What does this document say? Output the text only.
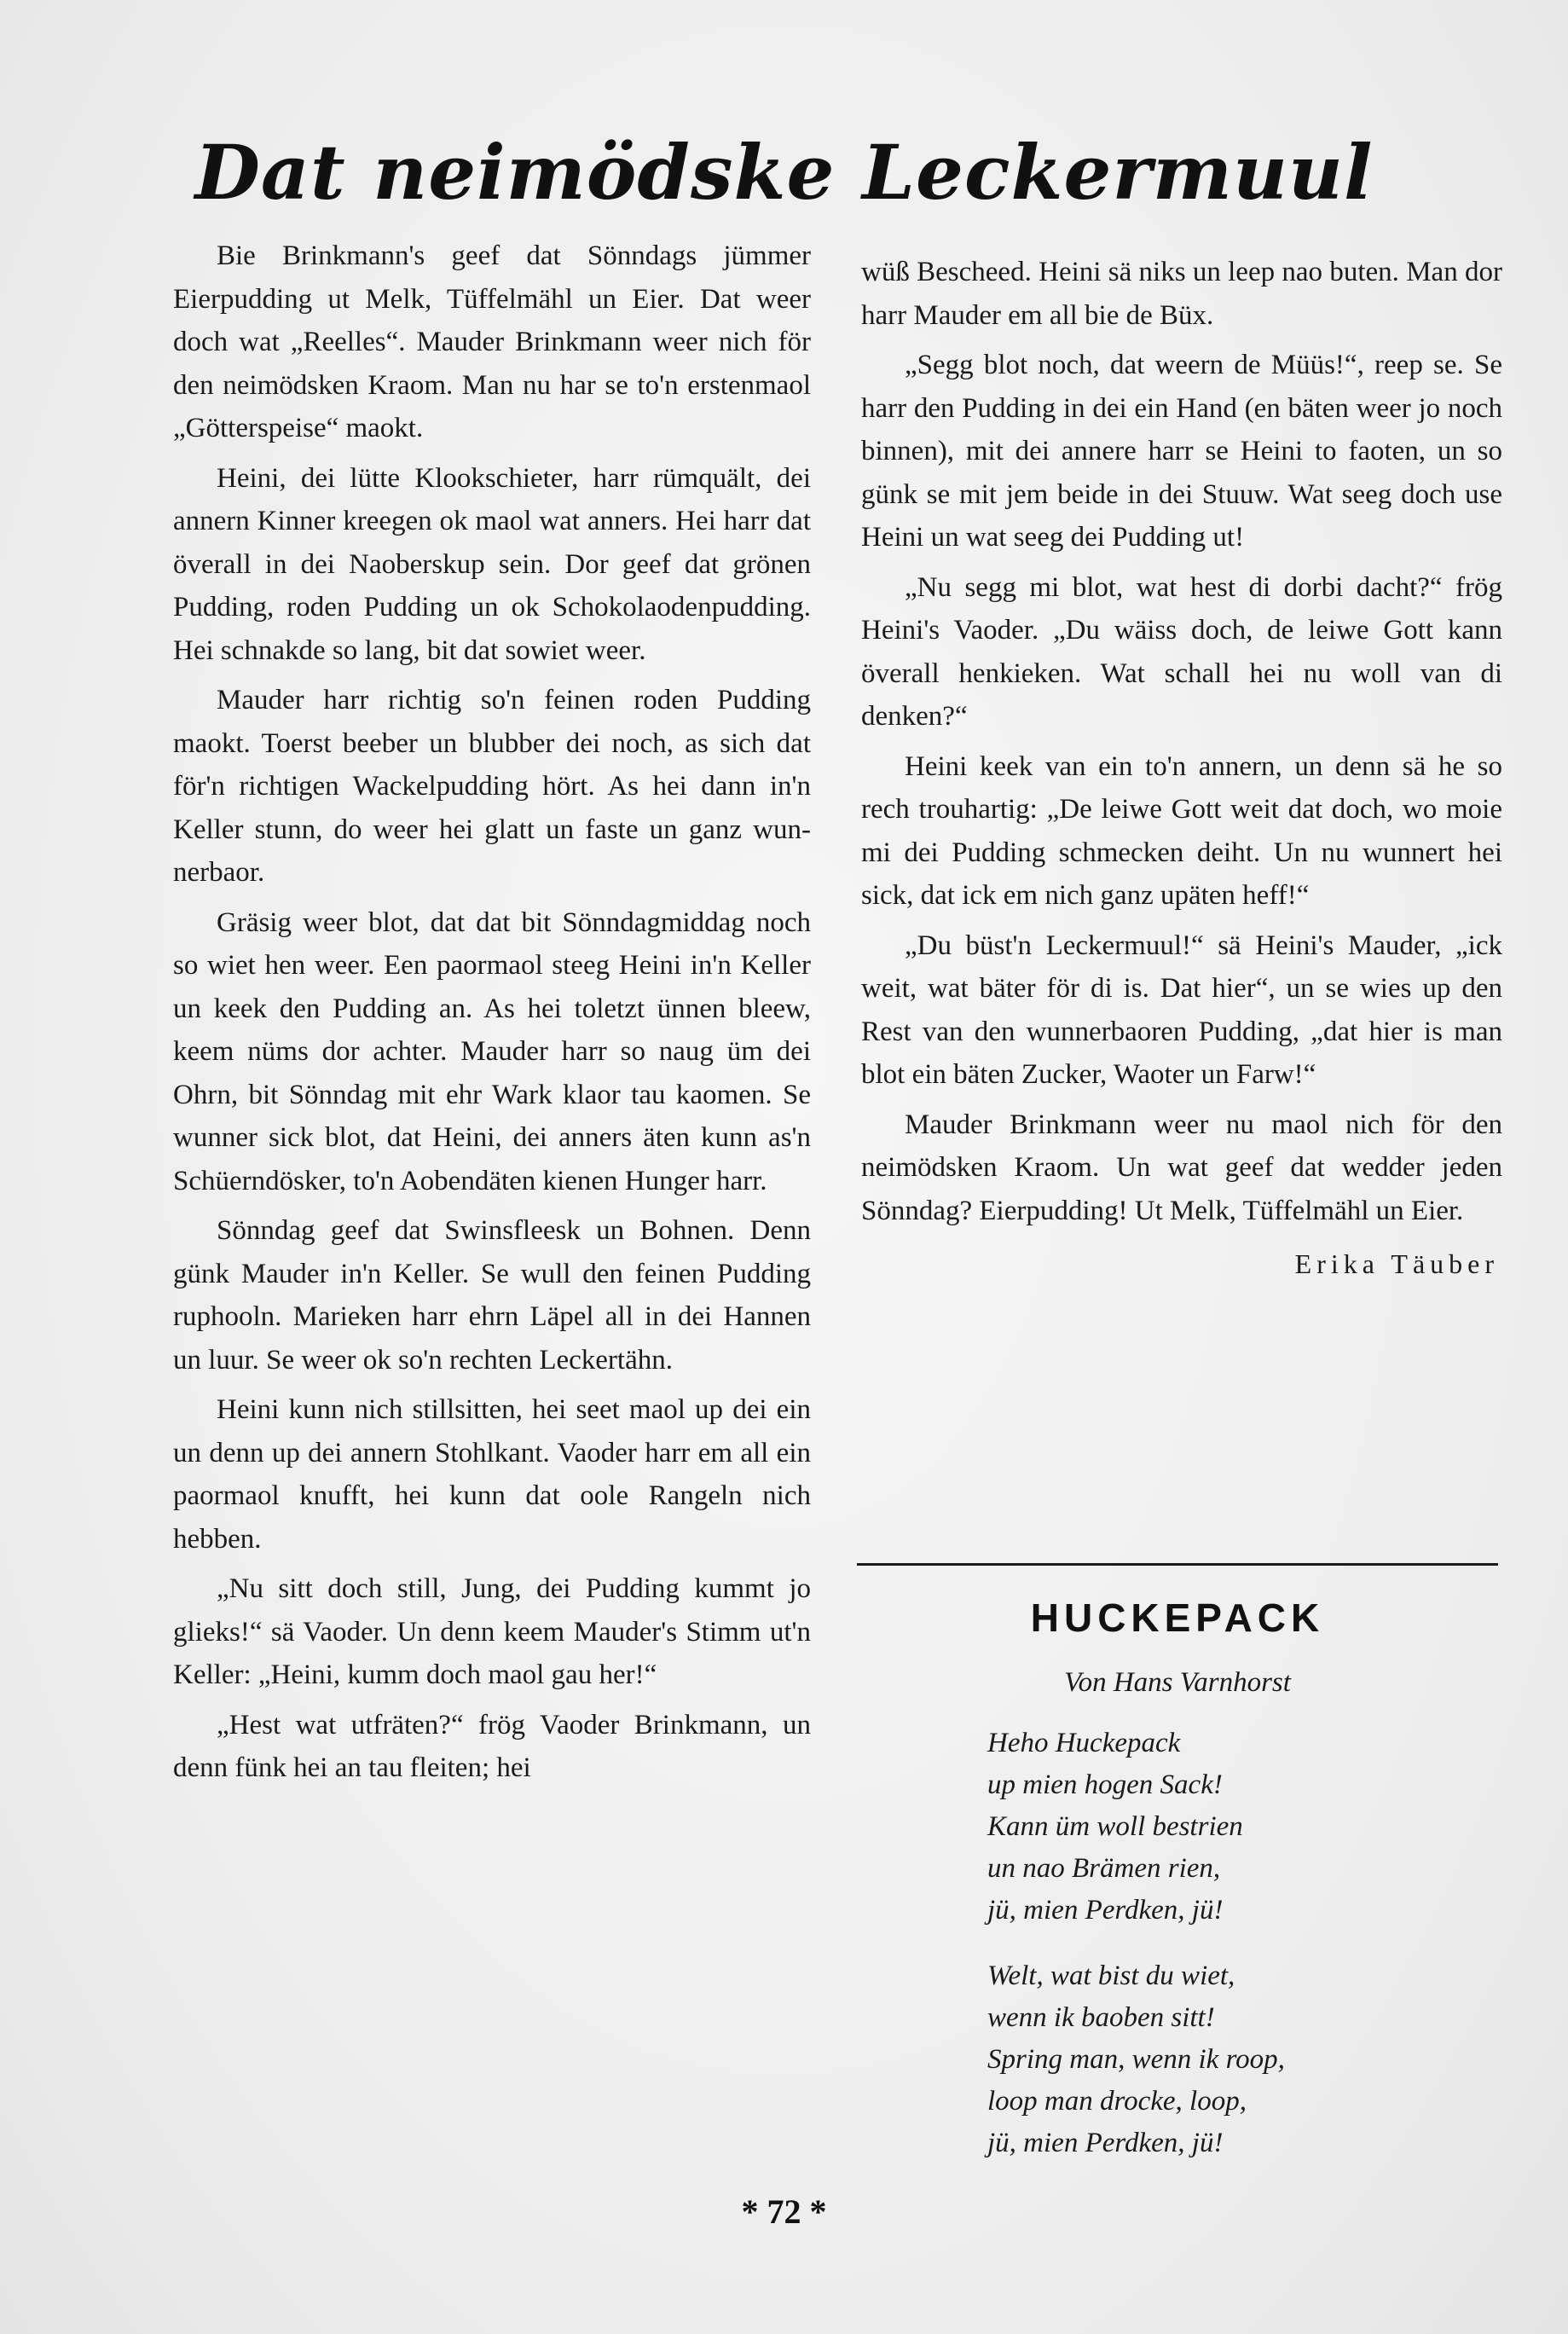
Dat neimödske Leckermuul

Bie Brinkmann's geef dat Sönndags jümmer Eierpudding ut Melk, Tüffelmähl un Eier. Dat weer doch wat „Reelles“. Mauder Brinkmann weer nich för den neimödsken Kraom. Man nu har se to'n erstenmaol „Götterspeise“ maokt.

Heini, dei lütte Klookschieter, harr rümquält, dei annern Kinner kreegen ok maol wat anners. Hei harr dat överall in dei Naoberskup sein. Dor geef dat grönen Pudding, roden Pudding un ok Schokolaodenpudding. Hei schnakde so lang, bit dat sowiet weer.

Mauder harr richtig so'n feinen roden Pudding maokt. Toerst beeber un blubber dei noch, as sich dat för'n richtigen Wackelpudding hört. As hei dann in'n Keller stunn, do weer hei glatt un faste un ganz wunnerbaor.

Gräsig weer blot, dat dat bit Sönndagmiddag noch so wiet hen weer. Een paormaol steeg Heini in'n Keller un keek den Pudding an. As hei toletzt ünnen bleew, keem nüms dor achter. Mauder harr so naug üm dei Ohrn, bit Sönndag mit ehr Wark klaor tau kaomen. Se wunner sick blot, dat Heini, dei anners äten kunn as'n Schüerndösker, to'n Aobendäten kienen Hunger harr.

Sönndag geef dat Swinsfleesk un Bohnen. Denn günk Mauder in'n Keller. Se wull den feinen Pudding ruphooln. Marieken harr ehrn Läpel all in dei Hannen un luur. Se weer ok so'n rechten Leckertähn.

Heini kunn nich stillsitten, hei seet maol up dei ein un denn up dei annern Stohlkant. Vaoder harr em all ein paormaol knufft, hei kunn dat oole Rangeln nich hebben.

„Nu sitt doch still, Jung, dei Pudding kummt jo glieks!“ sä Vaoder. Un denn keem Mauder's Stimm ut'n Keller: „Heini, kumm doch maol gau her!“

„Hest wat utfräten?“ frög Vaoder Brinkmann, un denn fünk hei an tau fleiten; hei

wüß Bescheed. Heini sä niks un leep nao buten. Man dor harr Mauder em all bie de Büx.

„Segg blot noch, dat weern de Müüs!“, reep se. Se harr den Pudding in dei ein Hand (en bäten weer jo noch binnen), mit dei annere harr se Heini to faoten, un so günk se mit jem beide in dei Stuuw. Wat seeg doch use Heini un wat seeg dei Pudding ut!

„Nu segg mi blot, wat hest di dorbi dacht?“ frög Heini's Vaoder. „Du wäiss doch, de leiwe Gott kann överall henkieken. Wat schall hei nu woll van di denken?“

Heini keek van ein to'n annern, un denn sä he so rech trouhartig: „De leiwe Gott weit dat doch, wo moie mi dei Pudding schmecken deiht. Un nu wunnert hei sick, dat ick em nich ganz upäten heff!“

„Du büst'n Leckermuul!“ sä Heini's Mauder, „ick weit, wat bäter för di is. Dat hier“, un se wies up den Rest van den wunnerbaoren Pudding, „dat hier is man blot ein bäten Zucker, Waoter un Farw!“

Mauder Brinkmann weer nu maol nich för den neimödsken Kraom. Un wat geef dat wedder jeden Sönndag? Eierpudding! Ut Melk, Tüffelmähl un Eier.

Erika Täuber
HUCKEPACK
Von Hans Varnhorst
Heho Huckepack
up mien hogen Sack!
Kann üm woll bestrien
un nao Brämen rien,
jü, mien Perdken, jü!
Welt, wat bist du wiet,
wenn ik baoben sitt!
Spring man, wenn ik roop,
loop man drocke, loop,
jü, mien Perdken, jü!
* 72 *
